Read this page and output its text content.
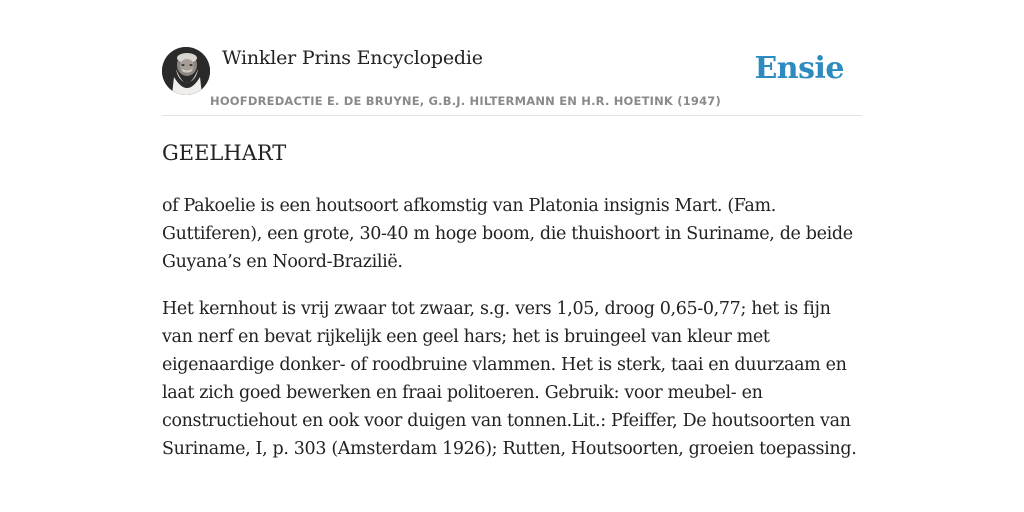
Winkler Prins Encyclopedie
HOOFDREDACTIE E. DE BRUYNE, G.B.J. HILTERMANN EN H.R. HOETINK (1947)
Ensie
GEELHART

of Pakoelie is een houtsoort afkomstig van Platonia insignis Mart. (Fam. Guttiferen), een grote, 30-40 m hoge boom, die thuishoort in Suriname, de beide Guyana’s en Noord-Brazilië.

Het kernhout is vrij zwaar tot zwaar, s.g. vers 1,05, droog 0,65-0,77; het is fijn van nerf en bevat rijkelijk een geel hars; het is bruingeel van kleur met eigenaardige donker- of roodbruine vlammen. Het is sterk, taai en duurzaam en laat zich goed bewerken en fraai politoeren. Gebruik: voor meubel- en constructiehout en ook voor duigen van tonnen.Lit.: Pfeiffer, De houtsoorten van Suriname, I, p. 303 (Amsterdam 1926); Rutten, Houtsoorten, groeien toepassing.
